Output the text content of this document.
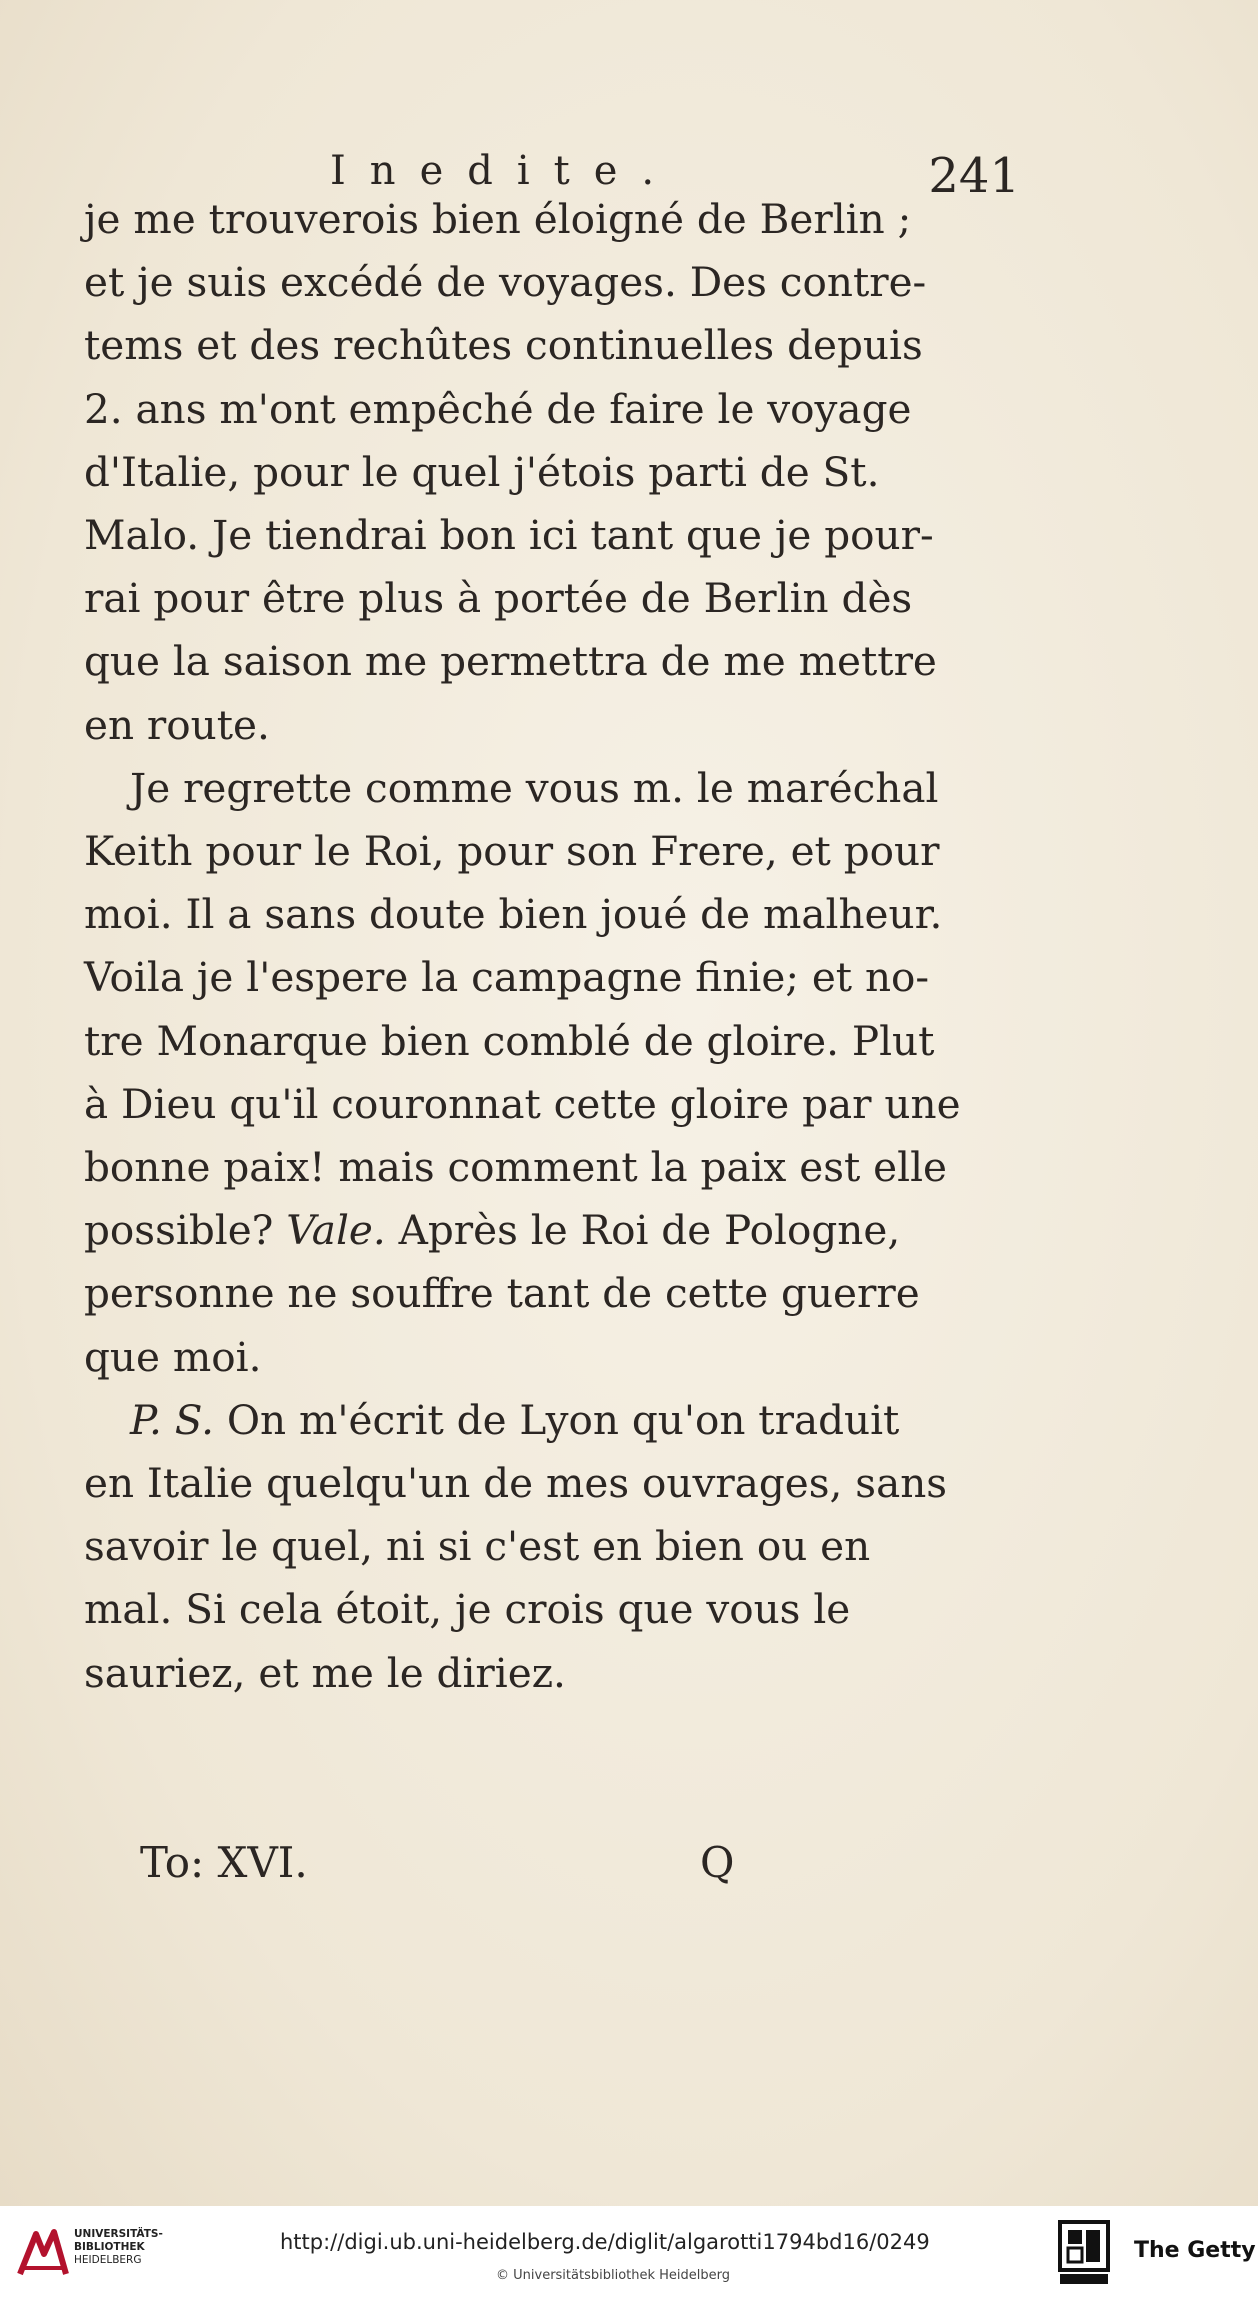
Inedite.	241

je me trouverois bien éloigné de Berlin ;
et je suis excédé de voyages. Des contre-
tems et des rechûtes continuelles depuis
2. ans m'ont empêché de faire le voyage
d'Italie, pour le quel j'étois parti de St.
Malo. Je tiendrai bon ici tant que je pour-
rai pour être plus à portée de Berlin dès
que la saison me permettra de me mettre
en route.

Je regrette comme vous m. le maréchal
Keith pour le Roi, pour son Frere, et pour
moi. Il a sans doute bien joué de malheur.
Voila je l'espere la campagne finie; et no-
tre Monarque bien comblé de gloire. Plut
à Dieu qu'il couronnat cette gloire par une
bonne paix! mais comment la paix est elle
possible? Vale. Après le Roi de Pologne,
personne ne souffre tant de cette guerre
que moi.

P. S. On m'écrit de Lyon qu'on traduit
en Italie quelqu'un de mes ouvrages, sans
savoir le quel, ni si c'est en bien ou en
mal. Si cela étoit, je crois que vous le
sauriez, et me le diriez.

To: XVI.	Q
UNIVERSITÄTS-
BIBLIOTHEK
HEIDELBERG
http://digi.ub.uni-heidelberg.de/diglit/algarotti1794bd16/0249
© Universitätsbibliothek Heidelberg
The Getty
